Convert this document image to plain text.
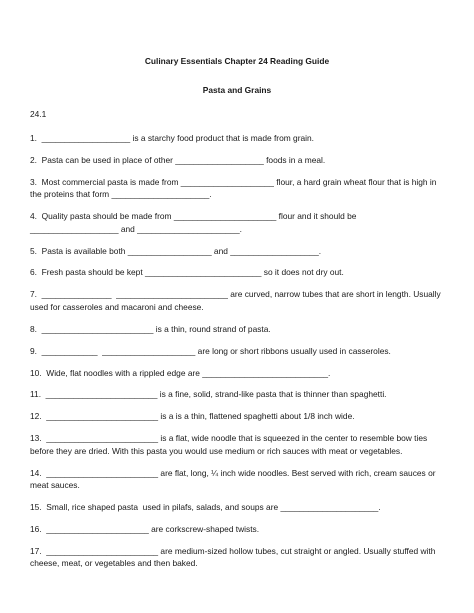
Culinary Essentials Chapter 24 Reading Guide
Pasta and Grains
24.1
1.  ___________________ is a starchy food product that is made from grain.
2.  Pasta can be used in place of other ___________________ foods in a meal.
3.  Most commercial pasta is made from ____________________ flour, a hard grain wheat flour that is high in the proteins that form _____________________.
4.  Quality pasta should be made from ______________________ flour and it should be ___________________ and ______________________.
5.  Pasta is available both __________________ and ___________________.
6.  Fresh pasta should be kept _________________________ so it does not dry out.
7.  _______________  ________________________ are curved, narrow tubes that are short in length. Usually used for casseroles and macaroni and cheese.
8.  ________________________ is a thin, round strand of pasta.
9.  ____________  ____________________ are long or short ribbons usually used in casseroles.
10.  Wide, flat noodles with a rippled edge are ___________________________.
11.  ________________________ is a fine, solid, strand-like pasta that is thinner than spaghetti.
12.  ________________________ is a is a thin, flattened spaghetti about 1/8 inch wide.
13.  ________________________ is a flat, wide noodle that is squeezed in the center to resemble bow ties before they are dried. With this pasta you would use medium or rich sauces with meat or vegetables.
14.  ________________________ are flat, long, ¼ inch wide noodles. Best served with rich, cream sauces or meat sauces.
15.  Small, rice shaped pasta  used in pilafs, salads, and soups are _____________________.
16.  ______________________ are corkscrew-shaped twists.
17.  ________________________ are medium-sized hollow tubes, cut straight or angled. Usually stuffed with cheese, meat, or vegetables and then baked.
